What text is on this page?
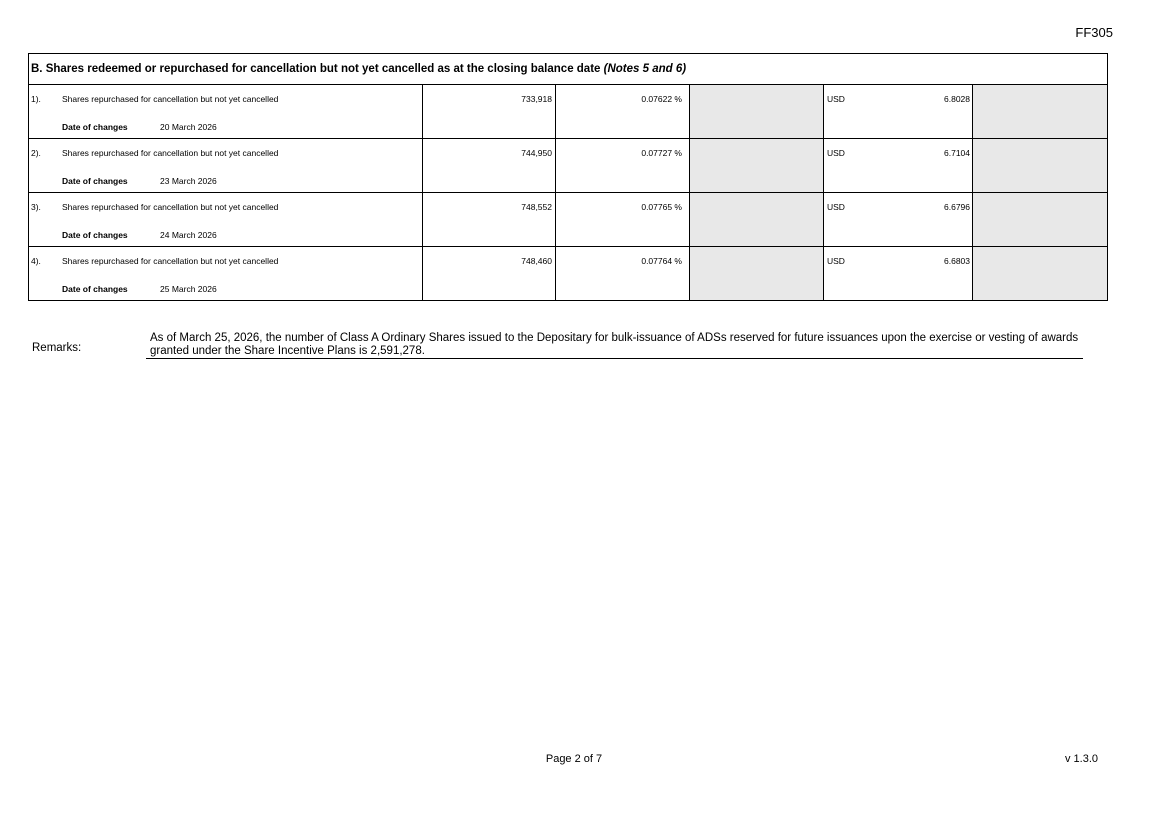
FF305
B. Shares redeemed or repurchased for cancellation but not yet cancelled as at the closing balance date (Notes 5 and 6)
1). Shares repurchased for cancellation but not yet cancelled
Date of changes	20 March 2026
733,918	0.07622 %	USD	6.8028
2). Shares repurchased for cancellation but not yet cancelled
Date of changes	23 March 2026
744,950	0.07727 %	USD	6.7104
3). Shares repurchased for cancellation but not yet cancelled
Date of changes	24 March 2026
748,552	0.07765 %	USD	6.6796
4). Shares repurchased for cancellation but not yet cancelled
Date of changes	25 March 2026
748,460	0.07764 %	USD	6.6803
Remarks:
As of March 25, 2026, the number of Class A Ordinary Shares issued to the Depositary for bulk-issuance of ADSs reserved for future issuances upon the exercise or vesting of awards granted under the Share Incentive Plans is 2,591,278.
Page 2 of 7	v 1.3.0
